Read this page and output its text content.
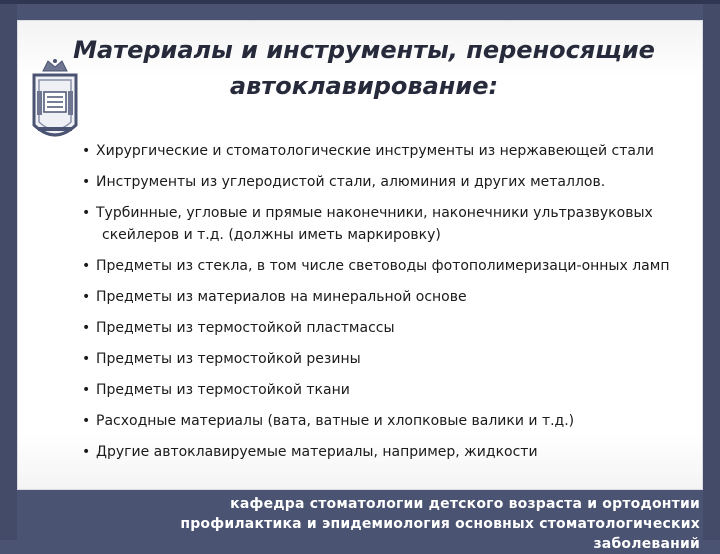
Материалы и инструменты, переносящие
автоклавирование:
• Хирургические и стоматологические инструменты из нержавеющей стали
• Инструменты из углеродистой стали, алюминия и других металлов.
• Турбинные, угловые и прямые наконечники, наконечники ультразвуковых скейлеров и т.д. (должны иметь маркировку)
• Предметы из стекла, в том числе световоды фотополимеризаци-онных ламп
• Предметы из материалов на минеральной основе
• Предметы из термостойкой пластмассы
• Предметы из термостойкой резины
• Предметы из термостойкой ткани
• Расходные материалы (вата, ватные и хлопковые валики и т.д.)
• Другие автоклавируемые материалы, например, жидкости
кафедра стоматологии детского возраста и ортодонтии
профилактика и эпидемиология основных стоматологических заболеваний
